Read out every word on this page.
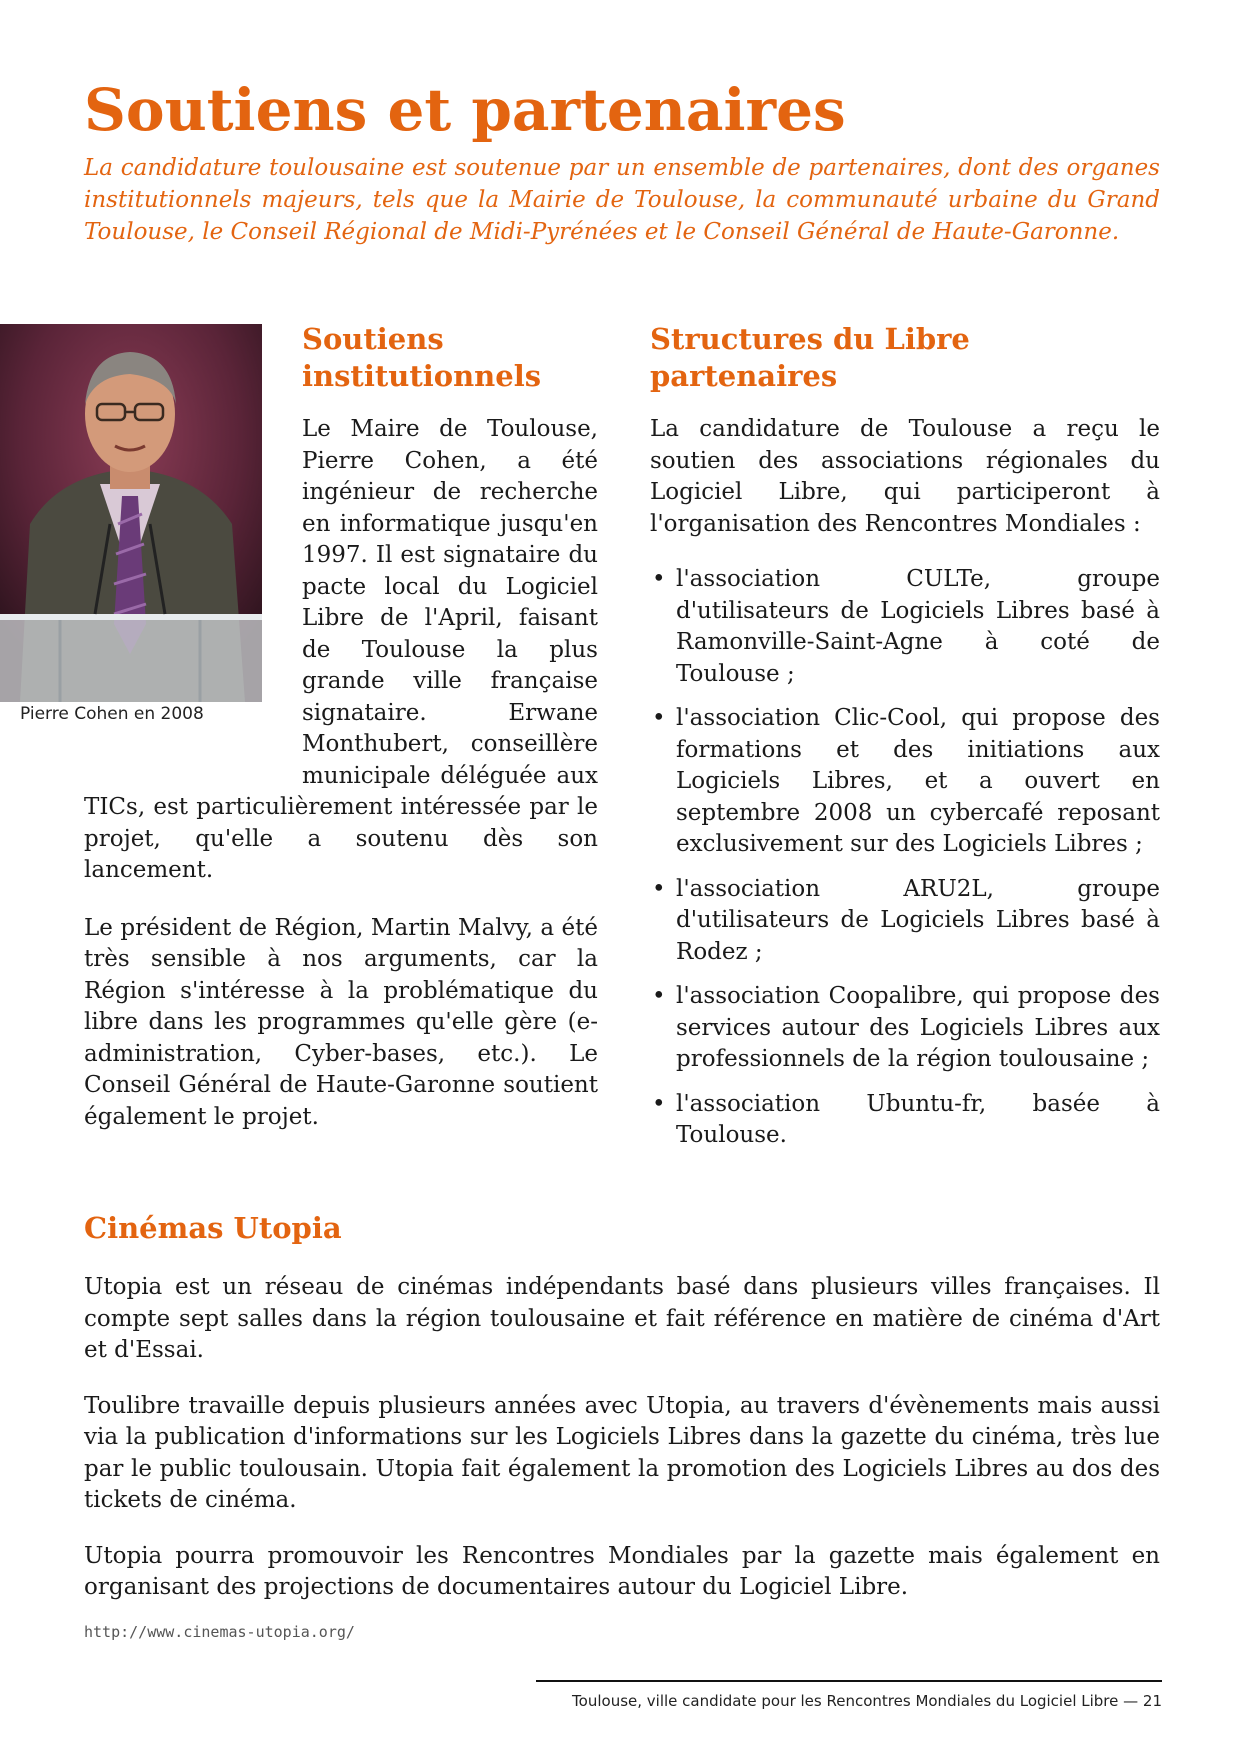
Soutiens et partenaires

La candidature toulousaine est soutenue par un ensemble de partenaires, dont des organes institutionnels majeurs, tels que la Mairie de Toulouse, la communauté urbaine du Grand Toulouse, le Conseil Régional de Midi-Pyrénées et le Conseil Général de Haute-Garonne.

Pierre Cohen en 2008
Soutiens institutionnels

Le Maire de Toulouse, Pierre Cohen, a été ingénieur de recherche en informatique jusqu'en 1997. Il est signataire du pacte local du Logiciel Libre de l'April, faisant de Toulouse la plus grande ville française signataire. Erwane Monthubert, conseillère municipale déléguée aux TICs, est particulièrement intéressée par le projet, qu'elle a soutenu dès son lancement.

Le président de Région, Martin Malvy, a été très sensible à nos arguments, car la Région s'intéresse à la problématique du libre dans les programmes qu'elle gère (e-administration, Cyber-bases, etc.). Le Conseil Général de Haute-Garonne soutient également le projet.

Structures du Libre partenaires

La candidature de Toulouse a reçu le soutien des associations régionales du Logiciel Libre, qui participeront à l'organisation des Rencontres Mondiales :

• l'association CULTe, groupe d'utilisateurs de Logiciels Libres basé à Ramonville-Saint-Agne à coté de Toulouse ;
• l'association Clic-Cool, qui propose des formations et des initiations aux Logiciels Libres, et a ouvert en septembre 2008 un cybercafé reposant exclusivement sur des Logiciels Libres ;
• l'association ARU2L, groupe d'utilisateurs de Logiciels Libres basé à Rodez ;
• l'association Coopalibre, qui propose des services autour des Logiciels Libres aux professionnels de la région toulousaine ;
• l'association Ubuntu-fr, basée à Toulouse.
Cinémas Utopia

Utopia est un réseau de cinémas indépendants basé dans plusieurs villes françaises. Il compte sept salles dans la région toulousaine et fait référence en matière de cinéma d'Art et d'Essai.

Toulibre travaille depuis plusieurs années avec Utopia, au travers d'évènements mais aussi via la publication d'informations sur les Logiciels Libres dans la gazette du cinéma, très lue par le public toulousain. Utopia fait également la promotion des Logiciels Libres au dos des tickets de cinéma.

Utopia pourra promouvoir les Rencontres Mondiales par la gazette mais également en organisant des projections de documentaires autour du Logiciel Libre.

http://www.cinemas-utopia.org/
Toulouse, ville candidate pour les Rencontres Mondiales du Logiciel Libre — 21
